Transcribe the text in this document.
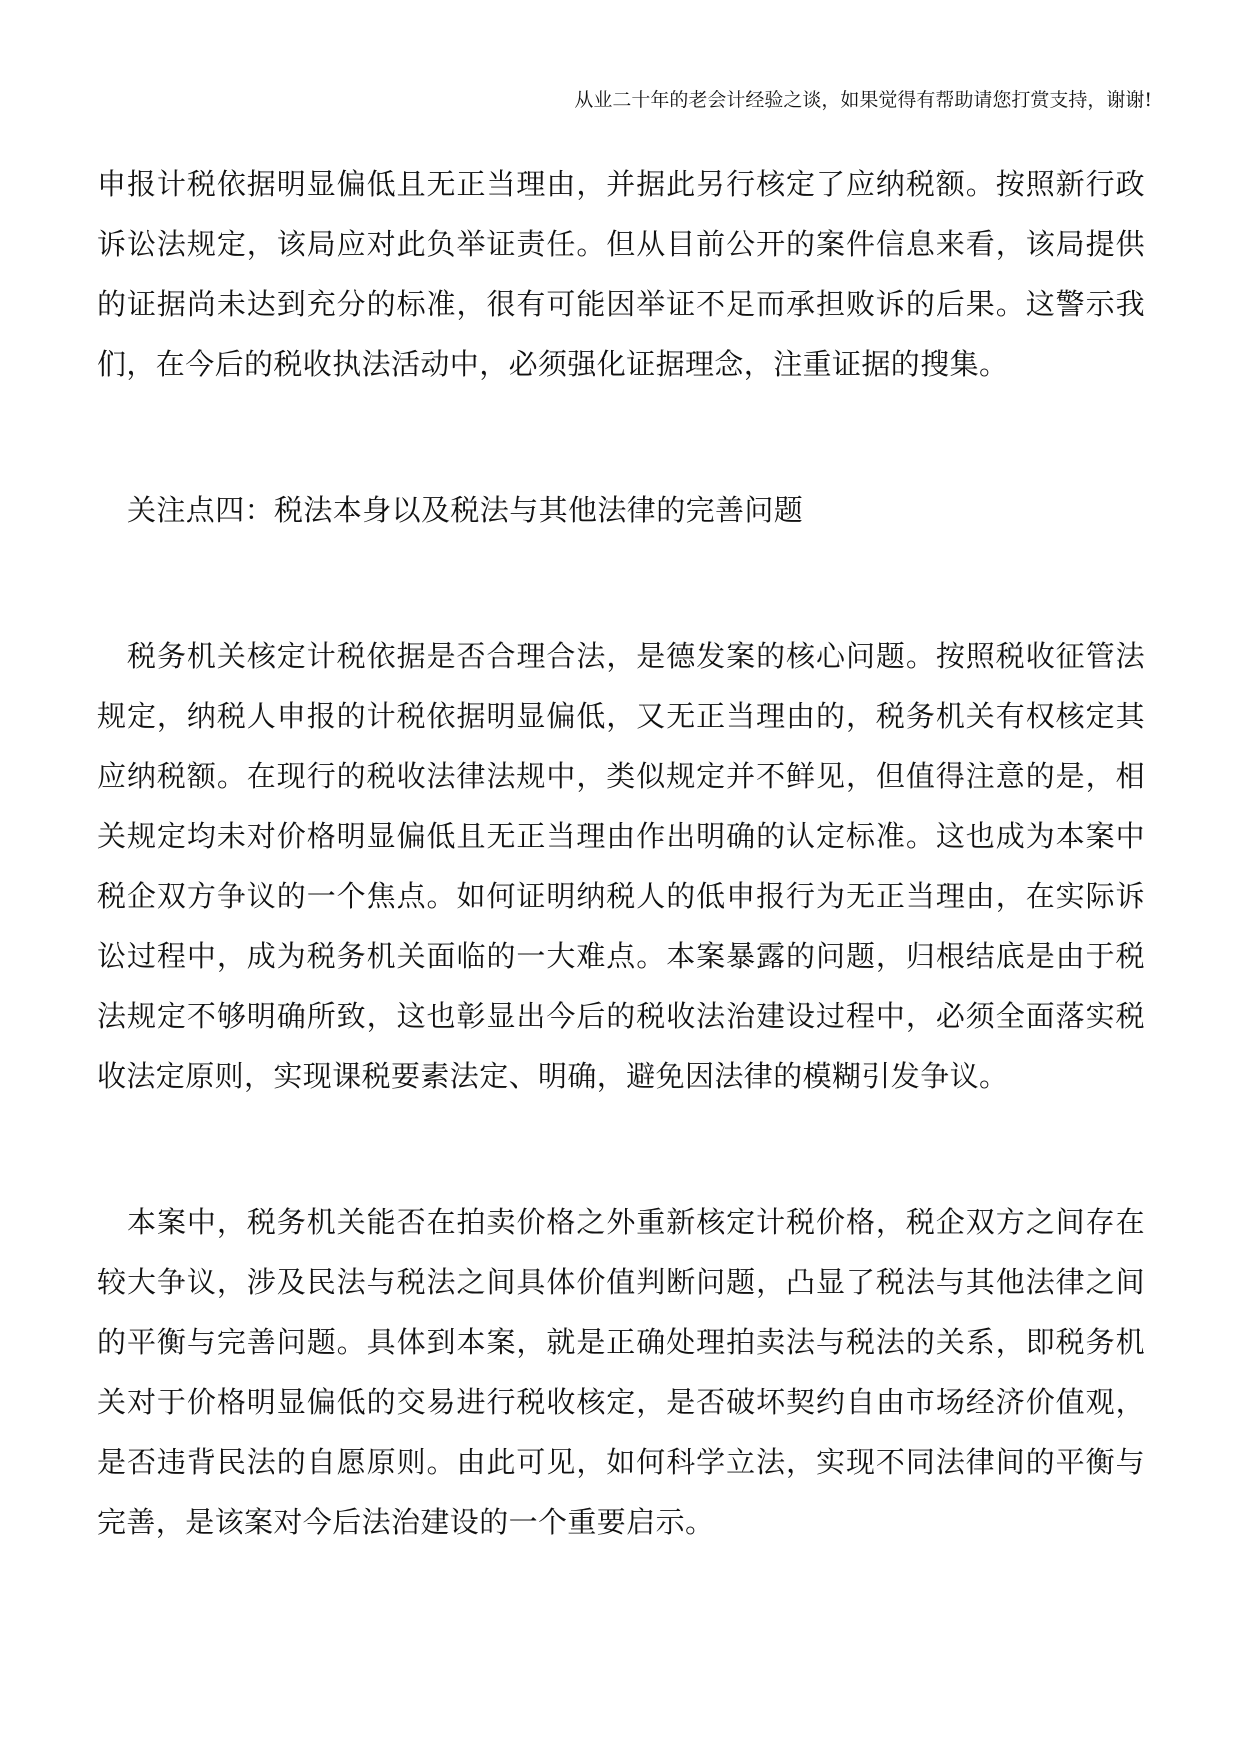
从业二十年的老会计经验之谈，如果觉得有帮助请您打赏支持，谢谢!

申报计税依据明显偏低且无正当理由，并据此另行核定了应纳税额。按照新行政诉讼法规定，该局应对此负举证责任。但从目前公开的案件信息来看，该局提供的证据尚未达到充分的标准，很有可能因举证不足而承担败诉的后果。这警示我们，在今后的税收执法活动中，必须强化证据理念，注重证据的搜集。

关注点四：税法本身以及税法与其他法律的完善问题

税务机关核定计税依据是否合理合法，是德发案的核心问题。按照税收征管法规定，纳税人申报的计税依据明显偏低，又无正当理由的，税务机关有权核定其应纳税额。在现行的税收法律法规中，类似规定并不鲜见，但值得注意的是，相关规定均未对价格明显偏低且无正当理由作出明确的认定标准。这也成为本案中税企双方争议的一个焦点。如何证明纳税人的低申报行为无正当理由，在实际诉讼过程中，成为税务机关面临的一大难点。本案暴露的问题，归根结底是由于税法规定不够明确所致，这也彰显出今后的税收法治建设过程中，必须全面落实税收法定原则，实现课税要素法定、明确，避免因法律的模糊引发争议。

本案中，税务机关能否在拍卖价格之外重新核定计税价格，税企双方之间存在较大争议，涉及民法与税法之间具体价值判断问题，凸显了税法与其他法律之间的平衡与完善问题。具体到本案，就是正确处理拍卖法与税法的关系，即税务机关对于价格明显偏低的交易进行税收核定，是否破坏契约自由市场经济价值观，是否违背民法的自愿原则。由此可见，如何科学立法，实现不同法律间的平衡与完善，是该案对今后法治建设的一个重要启示。
